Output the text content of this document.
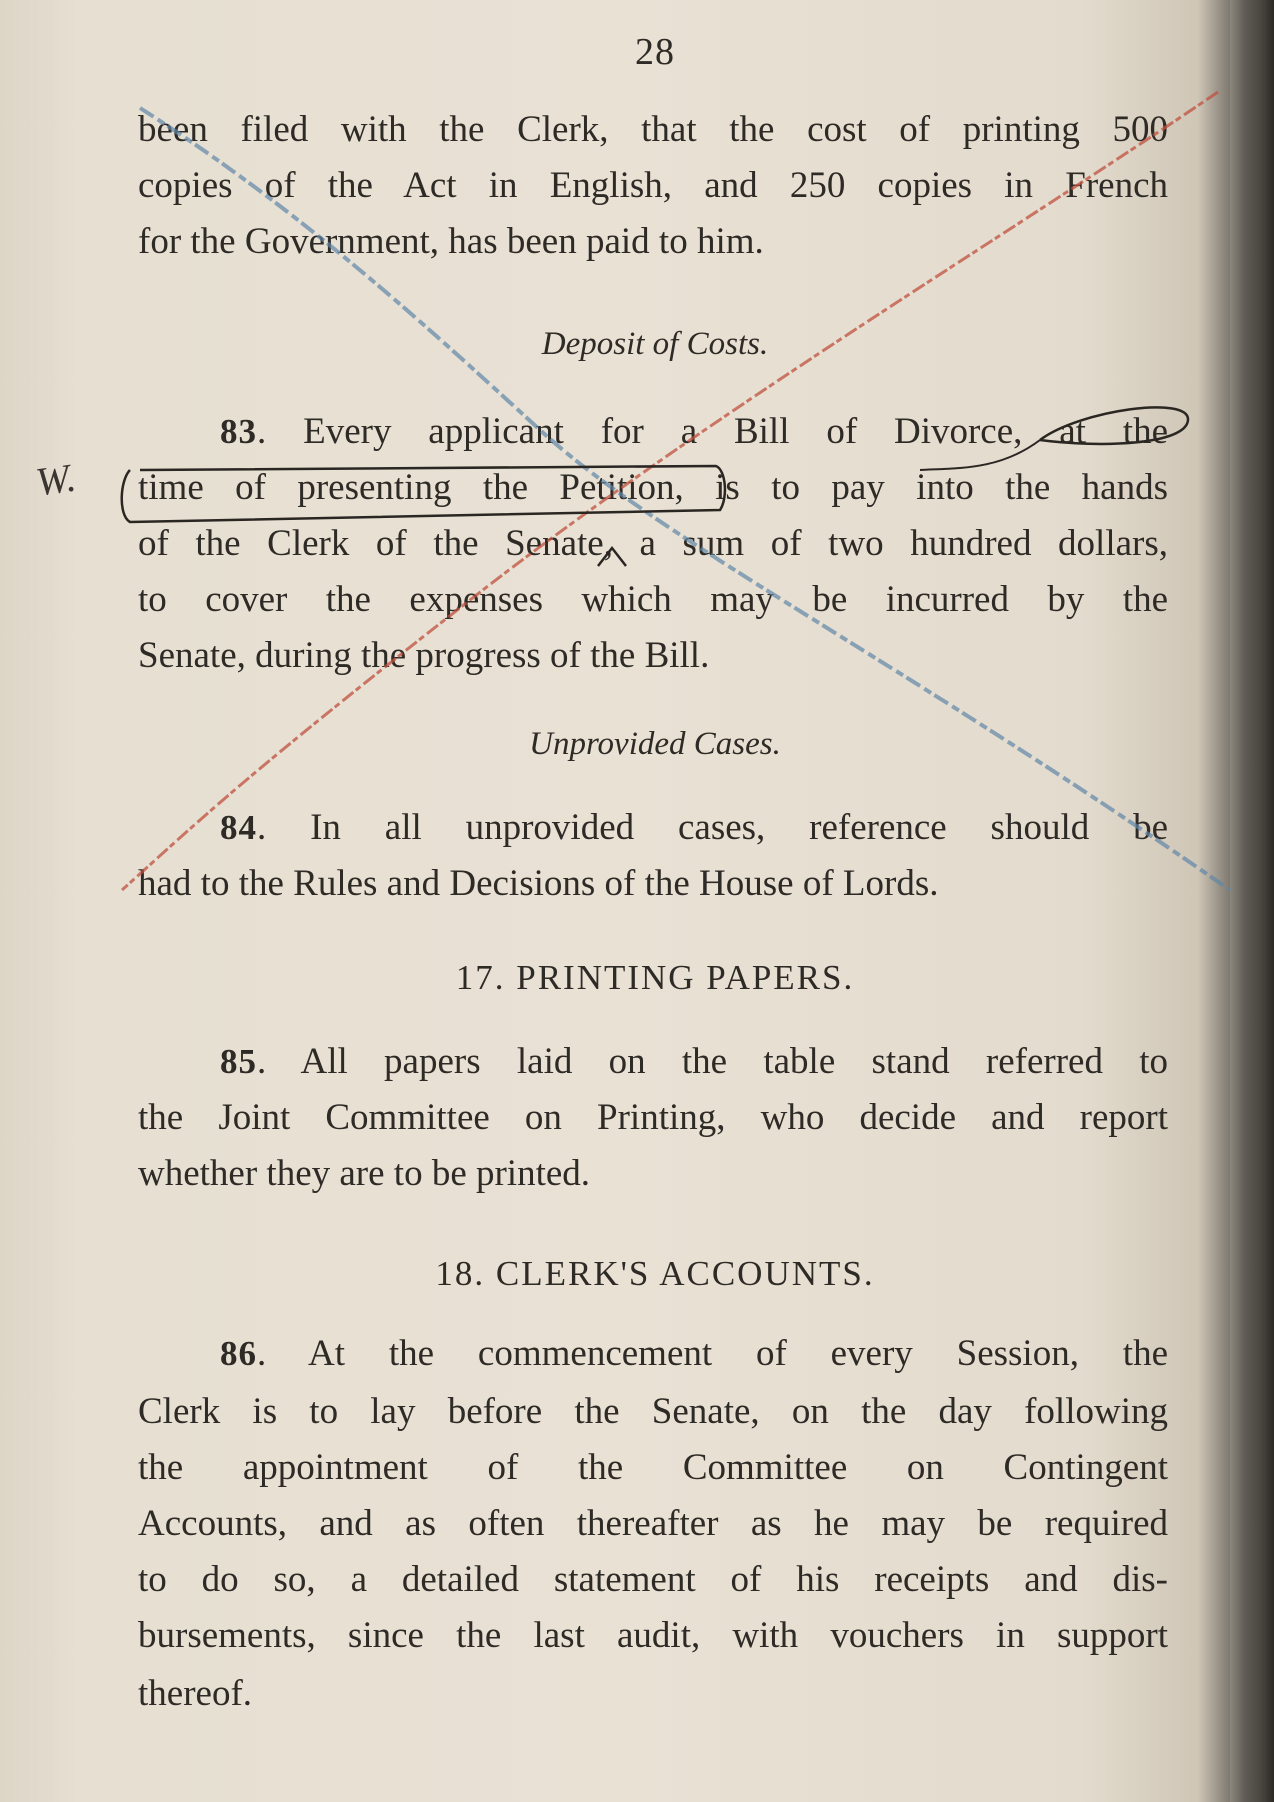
28
been filed with the Clerk, that the cost of printing 500
copies of the Act in English, and 250 copies in French
for the Government, has been paid to him.
Deposit of Costs.
83. Every applicant for a Bill of Divorce, at the
time of presenting the Petition, is to pay into the hands
of the Clerk of the Senate, a sum of two hundred dollars,
to cover the expenses which may be incurred by the
Senate, during the progress of the Bill.
Unprovided Cases.
84. In all unprovided cases, reference should be
had to the Rules and Decisions of the House of Lords.
17. PRINTING PAPERS.
85. All papers laid on the table stand referred to
the Joint Committee on Printing, who decide and report
whether they are to be printed.
18. CLERK'S ACCOUNTS.
86. At the commencement of every Session, the
Clerk is to lay before the Senate, on the day following
the appointment of the Committee on Contingent
Accounts, and as often thereafter as he may be required
to do so, a detailed statement of his receipts and dis-
bursements, since the last audit, with vouchers in support
thereof.
W.
